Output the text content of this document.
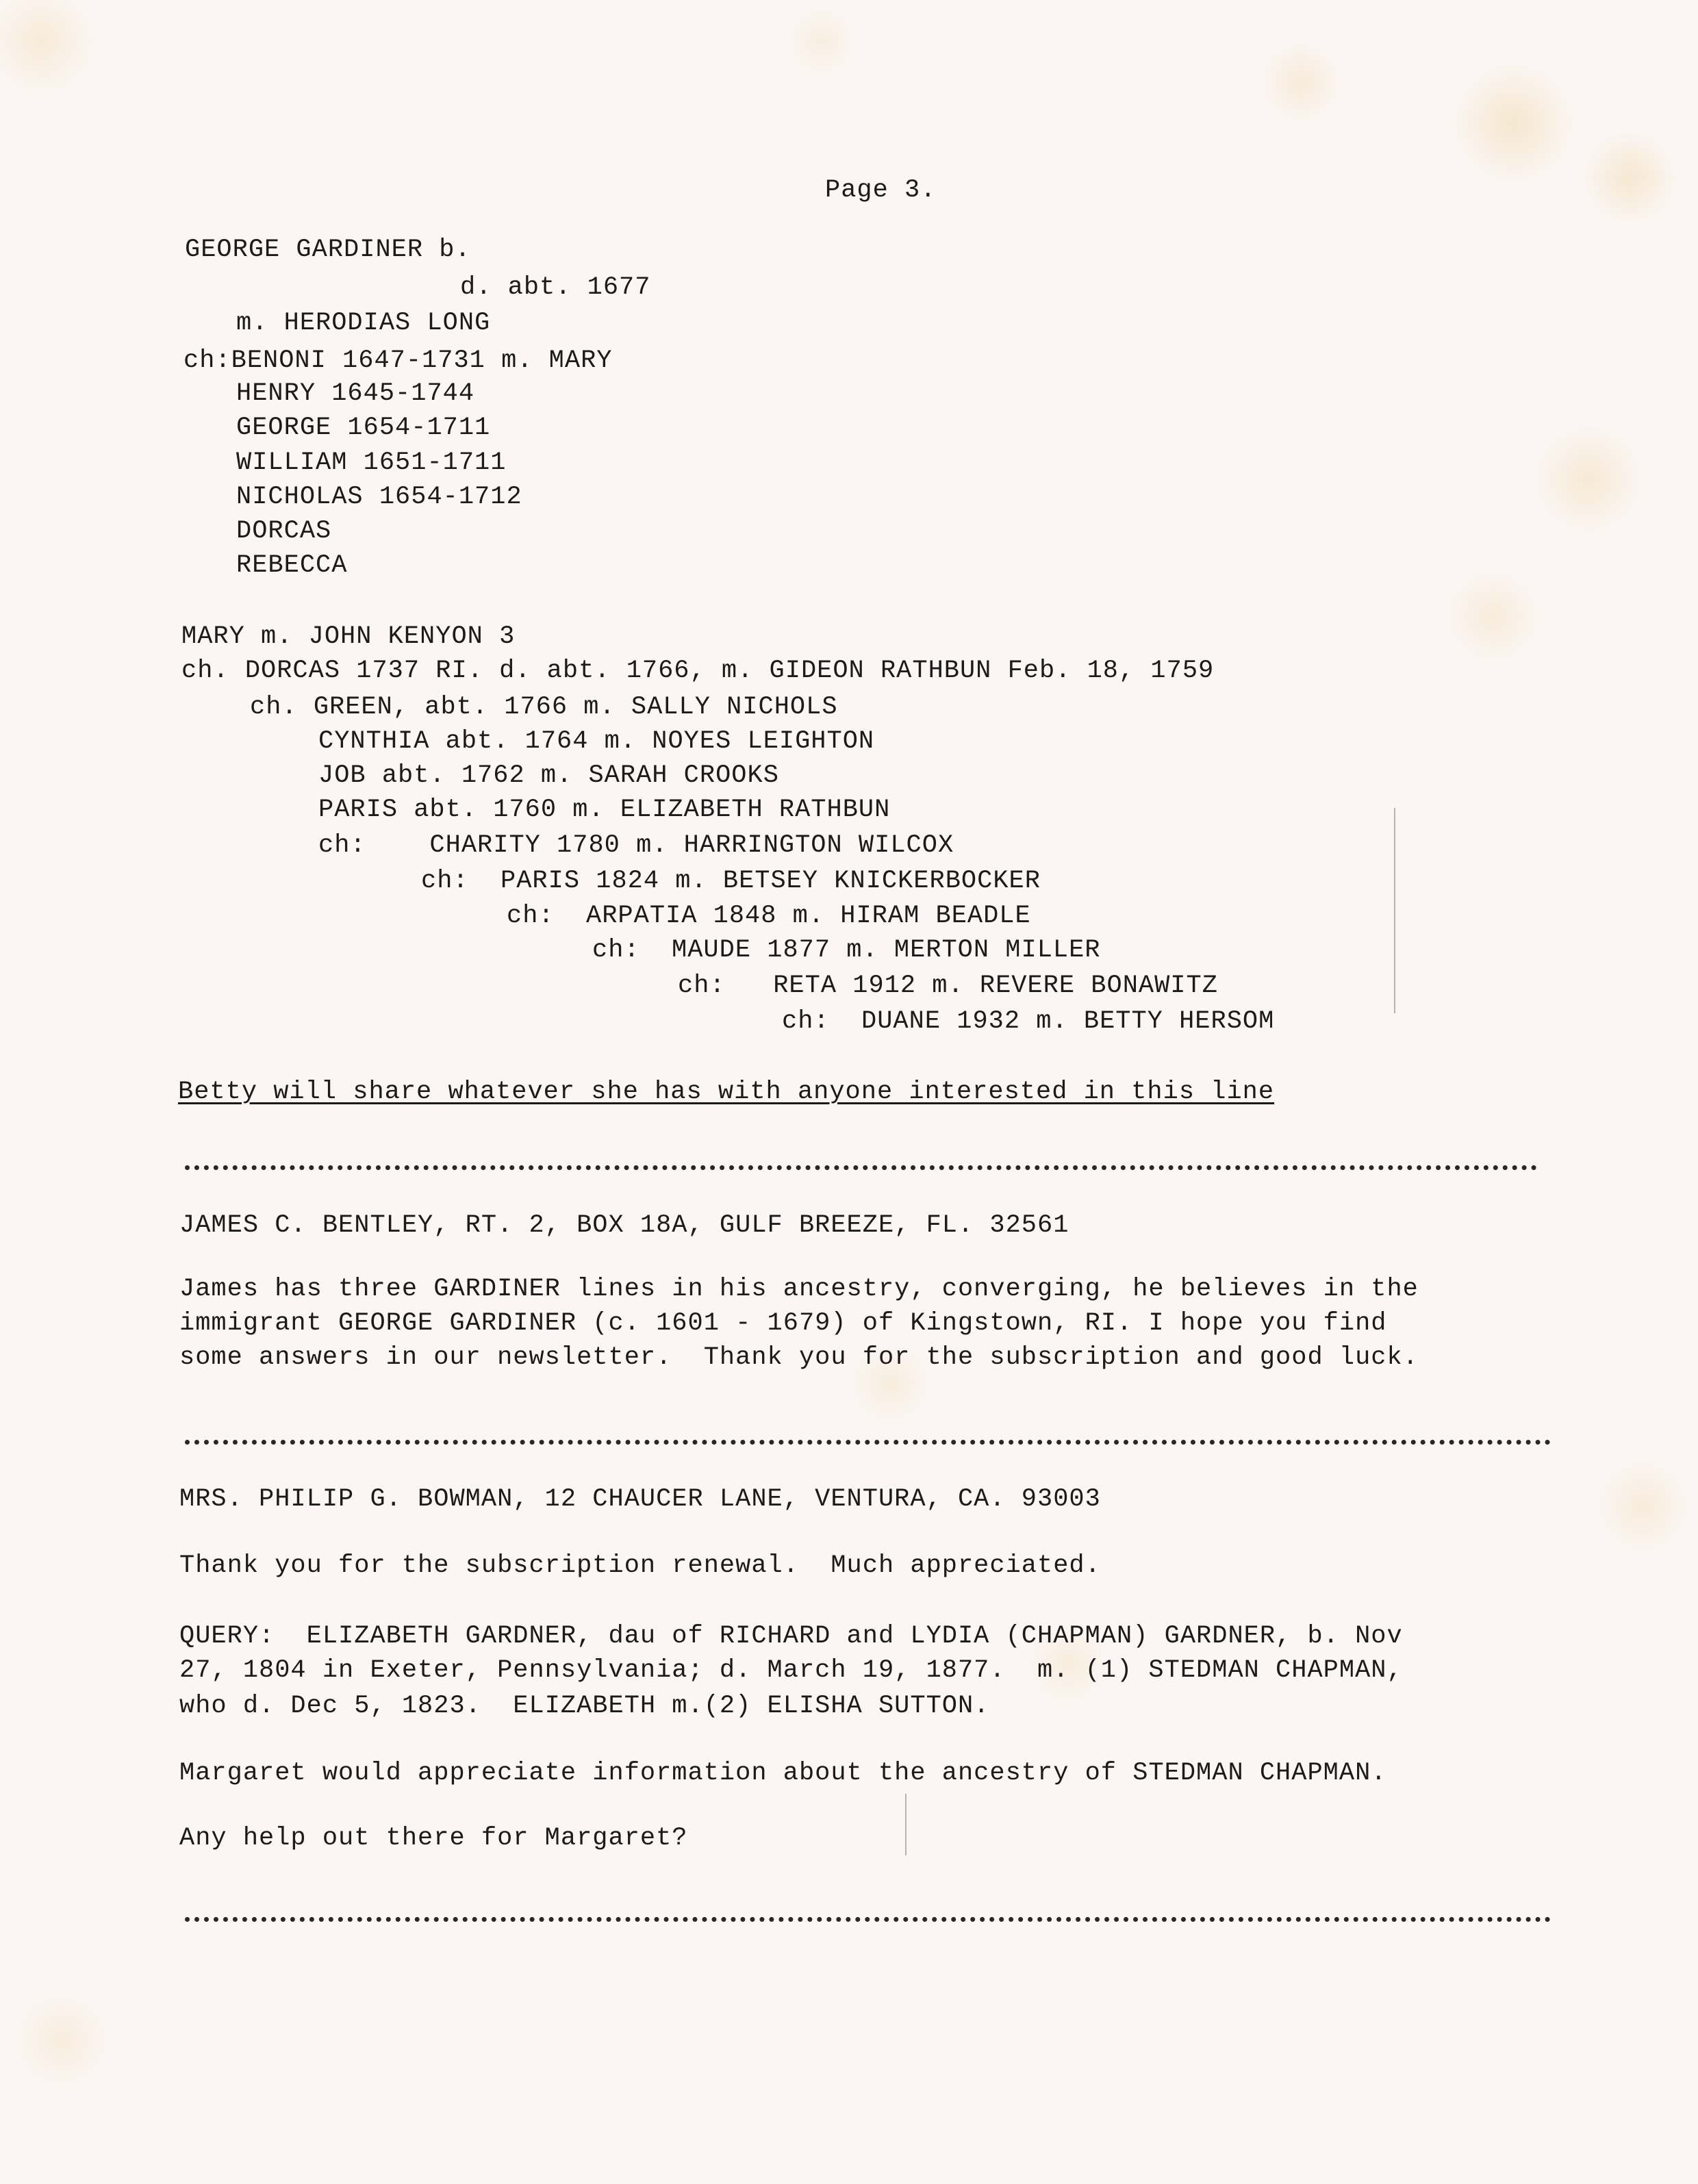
Page 3.

GEORGE GARDINER b.

d. abt. 1677

m. HERODIAS LONG

ch:BENONI 1647-1731 m. MARY

HENRY 1645-1744

GEORGE 1654-1711

WILLIAM 1651-1711

NICHOLAS 1654-1712

DORCAS

REBECCA

MARY m. JOHN KENYON 3

ch. DORCAS 1737 RI. d. abt. 1766, m. GIDEON RATHBUN Feb. 18, 1759

ch. GREEN, abt. 1766 m. SALLY NICHOLS

CYNTHIA abt. 1764 m. NOYES LEIGHTON

JOB abt. 1762 m. SARAH CROOKS

PARIS abt. 1760 m. ELIZABETH RATHBUN

ch:    CHARITY 1780 m. HARRINGTON WILCOX

ch:  PARIS 1824 m. BETSEY KNICKERBOCKER

ch:  ARPATIA 1848 m. HIRAM BEADLE

ch:  MAUDE 1877 m. MERTON MILLER

ch:   RETA 1912 m. REVERE BONAWITZ

ch:  DUANE 1932 m. BETTY HERSOM

Betty will share whatever she has with anyone interested in this line

JAMES C. BENTLEY, RT. 2, BOX 18A, GULF BREEZE, FL. 32561

James has three GARDINER lines in his ancestry, converging, he believes in the

immigrant GEORGE GARDINER (c. 1601 - 1679) of Kingstown, RI. I hope you find

some answers in our newsletter.  Thank you for the subscription and good luck.

MRS. PHILIP G. BOWMAN, 12 CHAUCER LANE, VENTURA, CA. 93003

Thank you for the subscription renewal.  Much appreciated.

QUERY:  ELIZABETH GARDNER, dau of RICHARD and LYDIA (CHAPMAN) GARDNER, b. Nov

27, 1804 in Exeter, Pennsylvania; d. March 19, 1877.  m. (1) STEDMAN CHAPMAN,

who d. Dec 5, 1823.  ELIZABETH m.(2) ELISHA SUTTON.

Margaret would appreciate information about the ancestry of STEDMAN CHAPMAN.

Any help out there for Margaret?
